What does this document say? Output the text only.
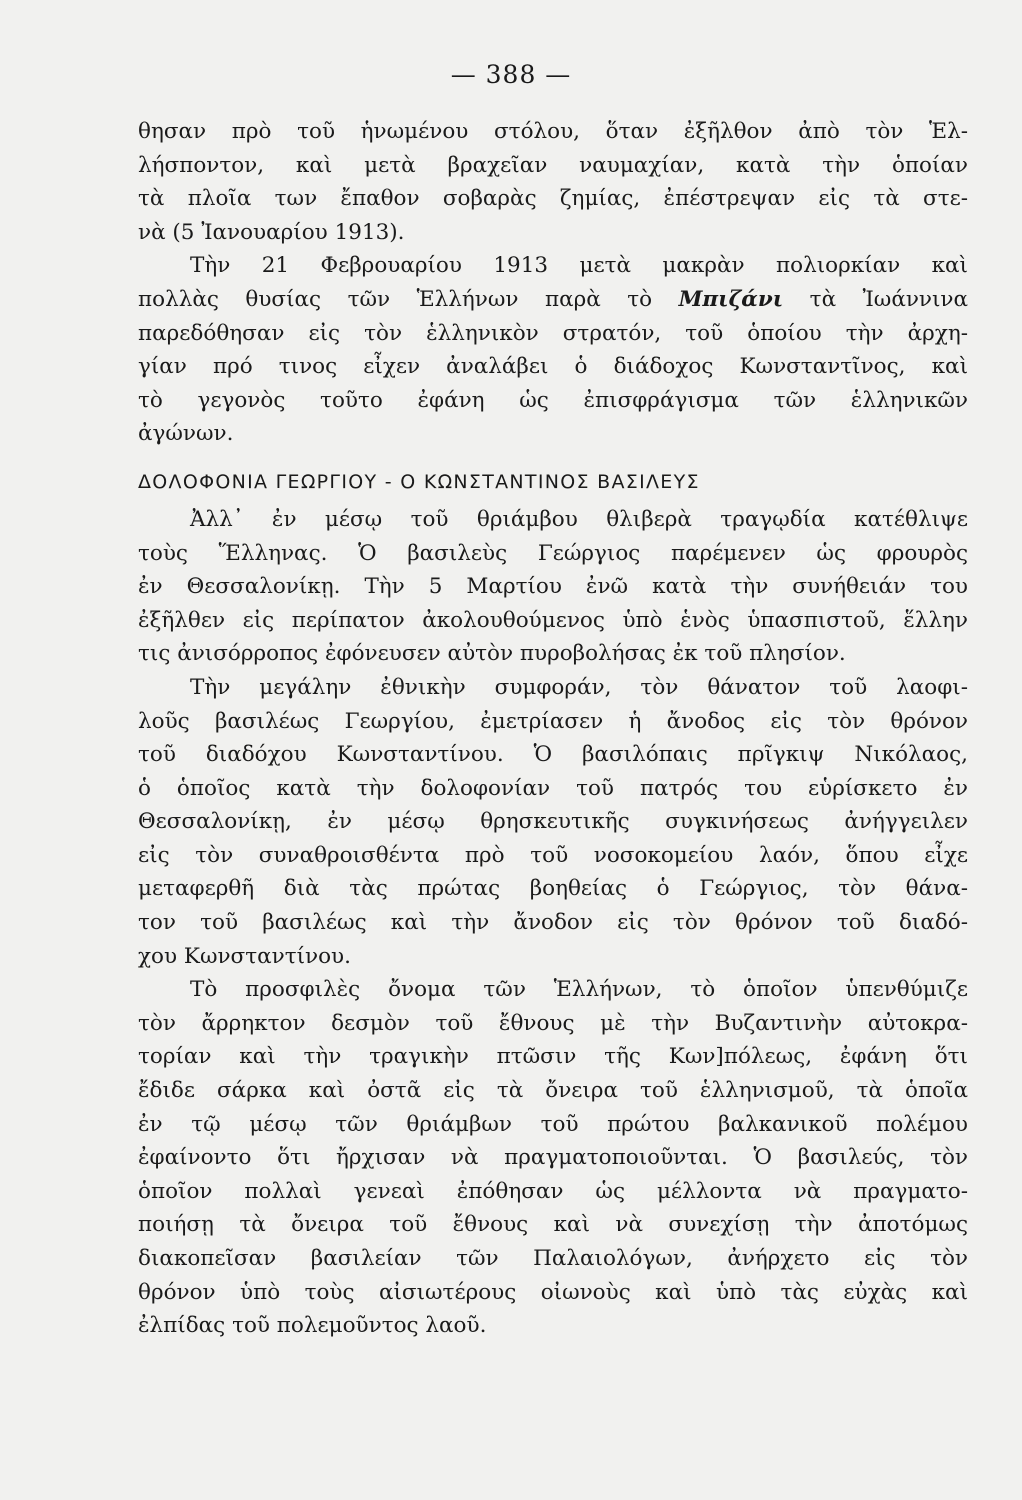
— 388 —
θησαν πρὸ τοῦ ἡνωμένου στόλου, ὅταν ἐξῆλθον ἀπὸ τὸν Ἑλ-
λήσποντον, καὶ μετὰ βραχεῖαν ναυμαχίαν, κατὰ τὴν ὁποίαν
τὰ πλοῖα των ἔπαθον σοβαρὰς ζημίας, ἐπέστρεψαν εἰς τὰ στε-
νὰ (5 Ἰανουαρίου 1913).
Τὴν 21 Φεβρουαρίου 1913 μετὰ μακρὰν πολιορκίαν καὶ
πολλὰς θυσίας τῶν Ἑλλήνων παρὰ τὸ Μπιζάνι τὰ Ἰωάννινα
παρεδόθησαν εἰς τὸν ἑλληνικὸν στρατόν, τοῦ ὁποίου τὴν ἀρχη-
γίαν πρό τινος εἶχεν ἀναλάβει ὁ διάδοχος Κωνσταντῖνος, καὶ
τὸ γεγονὸς τοῦτο ἐφάνη ὡς ἐπισφράγισμα τῶν ἑλληνικῶν
ἀγώνων.
ΔΟΛΟΦΟΝΙΑ ΓΕΩΡΓΙΟΥ - Ο ΚΩΝΣΤΑΝΤΙΝΟΣ ΒΑΣΙΛΕΥΣ
Ἀλλ᾽ ἐν μέσῳ τοῦ θριάμβου θλιβερὰ τραγῳδία κατέθλιψε
τοὺς Ἕλληνας. Ὁ βασιλεὺς Γεώργιος παρέμενεν ὡς φρουρὸς
ἐν Θεσσαλονίκῃ. Τὴν 5 Μαρτίου ἐνῶ κατὰ τὴν συνήθειάν του
ἐξῆλθεν εἰς περίπατον ἀκολουθούμενος ὑπὸ ἑνὸς ὑπασπιστοῦ, ἕλλην
τις ἀνισόρροπος ἐφόνευσεν αὐτὸν πυροβολήσας ἐκ τοῦ πλησίον.
Τὴν μεγάλην ἐθνικὴν συμφοράν, τὸν θάνατον τοῦ λαοφι-
λοῦς βασιλέως Γεωργίου, ἐμετρίασεν ἡ ἄνοδος εἰς τὸν θρόνον
τοῦ διαδόχου Κωνσταντίνου. Ὁ βασιλόπαις πρῖγκιψ Νικόλαος,
ὁ ὁποῖος κατὰ τὴν δολοφονίαν τοῦ πατρός του εὑρίσκετο ἐν
Θεσσαλονίκῃ, ἐν μέσῳ θρησκευτικῆς συγκινήσεως ἀνήγγειλεν
εἰς τὸν συναθροισθέντα πρὸ τοῦ νοσοκομείου λαόν, ὅπου εἶχε
μεταφερθῆ διὰ τὰς πρώτας βοηθείας ὁ Γεώργιος, τὸν θάνα-
τον τοῦ βασιλέως καὶ τὴν ἄνοδον εἰς τὸν θρόνον τοῦ διαδό-
χου Κωνσταντίνου.
Τὸ προσφιλὲς ὄνομα τῶν Ἑλλήνων, τὸ ὁποῖον ὑπενθύμιζε
τὸν ἄρρηκτον δεσμὸν τοῦ ἔθνους μὲ τὴν Βυζαντινὴν αὐτοκρα-
τορίαν καὶ τὴν τραγικὴν πτῶσιν τῆς Κων]πόλεως, ἐφάνη ὅτι
ἔδιδε σάρκα καὶ ὀστᾶ εἰς τὰ ὄνειρα τοῦ ἑλληνισμοῦ, τὰ ὁποῖα
ἐν τῷ μέσῳ τῶν θριάμβων τοῦ πρώτου βαλκανικοῦ πολέμου
ἐφαίνοντο ὅτι ἤρχισαν νὰ πραγματοποιοῦνται. Ὁ βασιλεύς, τὸν
ὁποῖον πολλαὶ γενεαὶ ἐπόθησαν ὡς μέλλοντα νὰ πραγματο-
ποιήσῃ τὰ ὄνειρα τοῦ ἔθνους καὶ νὰ συνεχίσῃ τὴν ἀποτόμως
διακοπεῖσαν βασιλείαν τῶν Παλαιολόγων, ἀνήρχετο εἰς τὸν
θρόνον ὑπὸ τοὺς αἰσιωτέρους οἰωνοὺς καὶ ὑπὸ τὰς εὐχὰς καὶ
ἐλπίδας τοῦ πολεμοῦντος λαοῦ.
